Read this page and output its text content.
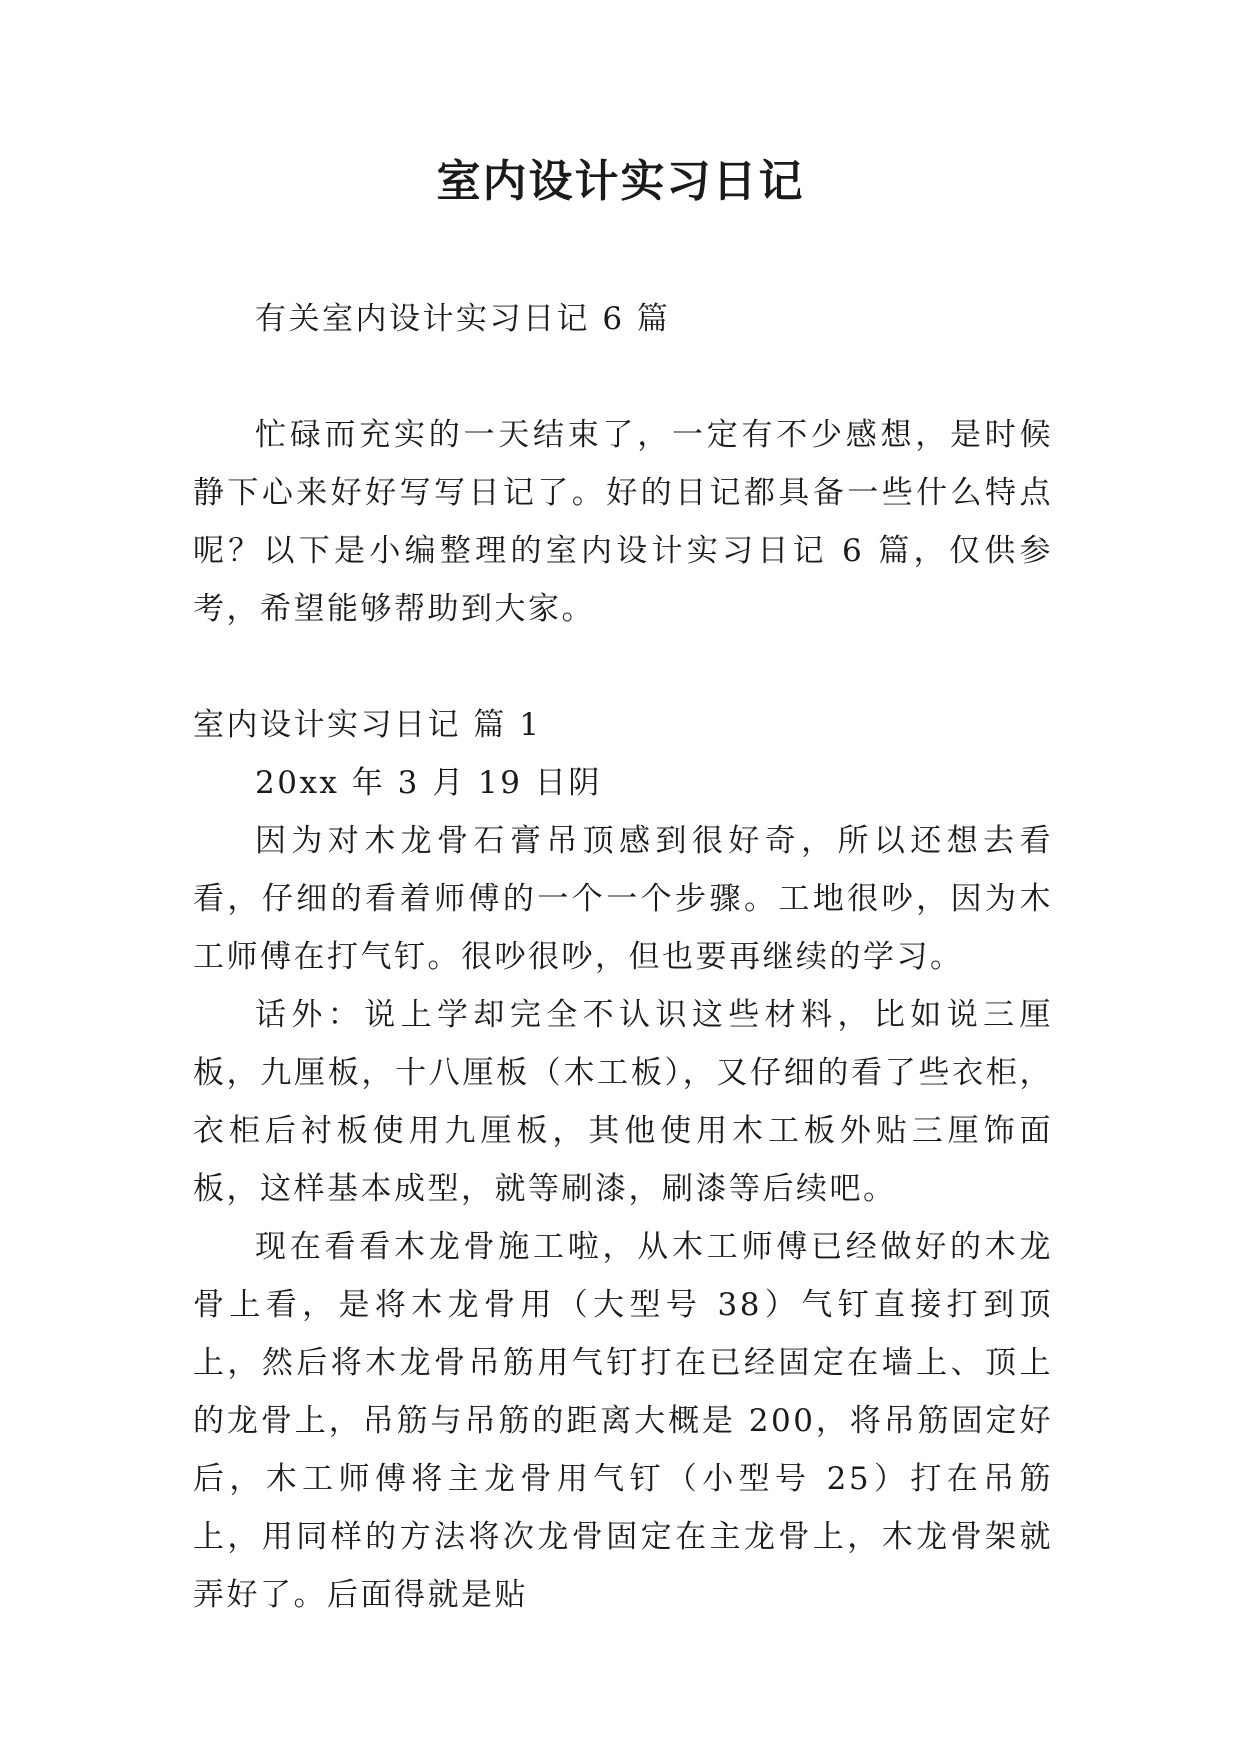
室内设计实习日记

有关室内设计实习日记 6 篇

忙碌而充实的一天结束了，一定有不少感想，是时候静下心来好好写写日记了。好的日记都具备一些什么特点呢？以下是小编整理的室内设计实习日记 6 篇，仅供参考，希望能够帮助到大家。

室内设计实习日记 篇 1

20xx 年 3 月 19 日阴

因为对木龙骨石膏吊顶感到很好奇，所以还想去看看，仔细的看着师傅的一个一个步骤。工地很吵，因为木工师傅在打气钉。很吵很吵，但也要再继续的学习。

话外：说上学却完全不认识这些材料，比如说三厘板，九厘板，十八厘板（木工板），又仔细的看了些衣柜，衣柜后衬板使用九厘板，其他使用木工板外贴三厘饰面板，这样基本成型，就等刷漆，刷漆等后续吧。

现在看看木龙骨施工啦，从木工师傅已经做好的木龙骨上看，是将木龙骨用（大型号 38）气钉直接打到顶上，然后将木龙骨吊筋用气钉打在已经固定在墙上、顶上的龙骨上，吊筋与吊筋的距离大概是 200，将吊筋固定好后，木工师傅将主龙骨用气钉（小型号 25）打在吊筋上，用同样的方法将次龙骨固定在主龙骨上，木龙骨架就弄好了。后面得就是贴
